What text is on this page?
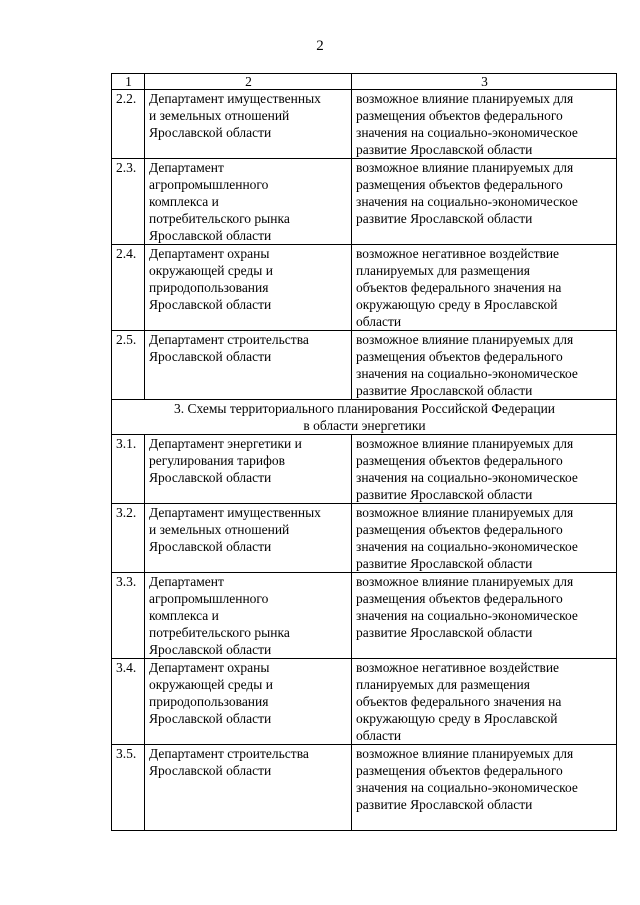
2
1	2	3
2.2.	Департамент имущественных
и земельных отношений
Ярославской области	возможное влияние планируемых для
размещения объектов федерального
значения на социально-экономическое
развитие Ярославской области

2.3.	Департамент
агропромышленного
комплекса и
потребительского рынка
Ярославской области	возможное влияние планируемых для
размещения объектов федерального
значения на социально-экономическое
развитие Ярославской области

2.4.	Департамент охраны
окружающей среды и
природопользования
Ярославской области	возможное негативное воздействие
планируемых для размещения
объектов федерального значения на
окружающую среду в Ярославской
области

2.5.	Департамент строительства
Ярославской области	возможное влияние планируемых для
размещения объектов федерального
значения на социально-экономическое
развитие Ярославской области

3. Схемы территориального планирования Российской Федерации
в области энергетики		

3.1.	Департамент энергетики и
регулирования тарифов
Ярославской области	возможное влияние планируемых для
размещения объектов федерального
значения на социально-экономическое
развитие Ярославской области

3.2.	Департамент имущественных
и земельных отношений
Ярославской области	возможное влияние планируемых для
размещения объектов федерального
значения на социально-экономическое
развитие Ярославской области

3.3.	Департамент
агропромышленного
комплекса и
потребительского рынка
Ярославской области	возможное влияние планируемых для
размещения объектов федерального
значения на социально-экономическое
развитие Ярославской области

3.4.	Департамент охраны
окружающей среды и
природопользования
Ярославской области	возможное негативное воздействие
планируемых для размещения
объектов федерального значения на
окружающую среду в Ярославской
области

3.5.	Департамент строительства
Ярославской области	возможное влияние планируемых для
размещения объектов федерального
значения на социально-экономическое
развитие Ярославской области
